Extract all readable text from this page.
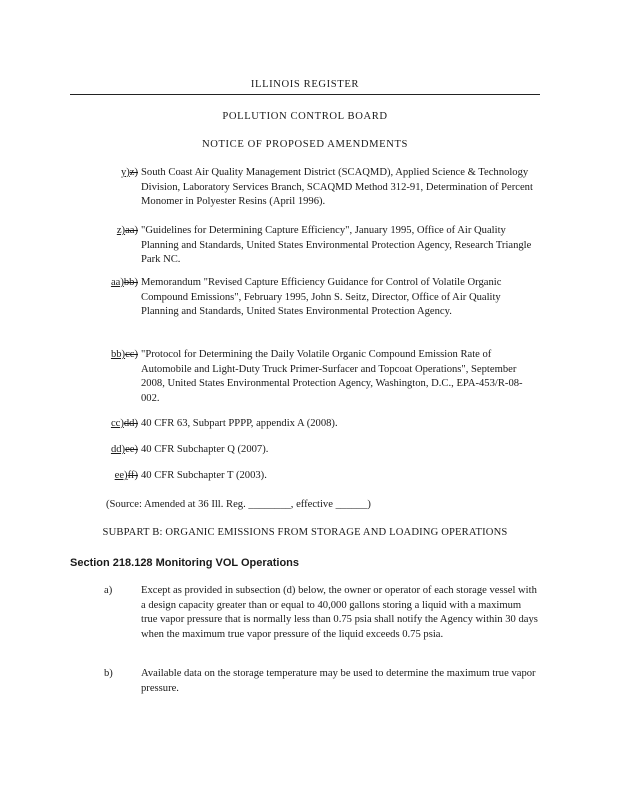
ILLINOIS REGISTER
POLLUTION CONTROL BOARD
NOTICE OF PROPOSED AMENDMENTS
y)z) South Coast Air Quality Management District (SCAQMD), Applied Science & Technology Division, Laboratory Services Branch, SCAQMD Method 312-91, Determination of Percent Monomer in Polyester Resins (April 1996).
z)aa) "Guidelines for Determining Capture Efficiency", January 1995, Office of Air Quality Planning and Standards, United States Environmental Protection Agency, Research Triangle Park NC.
aa)bb) Memorandum "Revised Capture Efficiency Guidance for Control of Volatile Organic Compound Emissions", February 1995, John S. Seitz, Director, Office of Air Quality Planning and Standards, United States Environmental Protection Agency.
bb)cc) "Protocol for Determining the Daily Volatile Organic Compound Emission Rate of Automobile and Light-Duty Truck Primer-Surfacer and Topcoat Operations", September 2008, United States Environmental Protection Agency, Washington, D.C., EPA-453/R-08-002.
cc)dd) 40 CFR 63, Subpart PPPP, appendix A (2008).
dd)ee) 40 CFR Subchapter Q (2007).
ee)ff) 40 CFR Subchapter T (2003).
(Source: Amended at 36 Ill. Reg. ________, effective ______)
SUBPART B: ORGANIC EMISSIONS FROM STORAGE AND LOADING OPERATIONS
Section 218.128 Monitoring VOL Operations
a)	Except as provided in subsection (d) below, the owner or operator of each storage vessel with a design capacity greater than or equal to 40,000 gallons storing a liquid with a maximum true vapor pressure that is normally less than 0.75 psia shall notify the Agency within 30 days when the maximum true vapor pressure of the liquid exceeds 0.75 psia.
b)	Available data on the storage temperature may be used to determine the maximum true vapor pressure.
